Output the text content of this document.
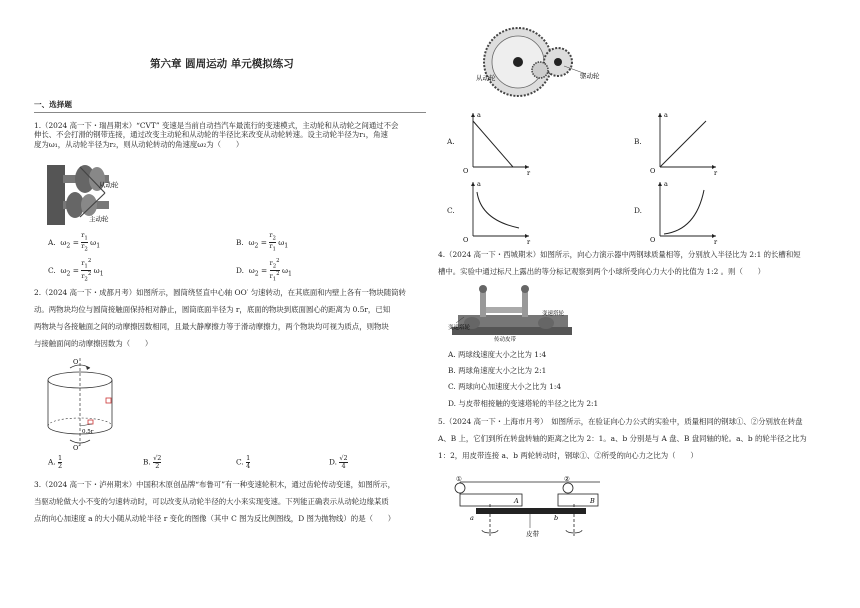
第六章 圆周运动 单元模拟练习
一、选择题
1.（2024 高一下・瑞昌期末）“CVT” 变速是当前自动挡汽车最流行的变速模式，主动轮和从动轮之间通过不会
伸长、不会打滑的钢带连接，通过改变主动轮和从动轮的半径比来改变从动轮转速。设主动轮半径为r₁，角速
度为ω₁，从动轮半径为r₂，则从动轮转动的角速度ω₂为（　　）
从动轮
主动轮
A.  $\omega_2 = \frac{r_1}{r_2} \omega_1$	B.  $\omega_2 = \frac{r_2}{r_1} \omega_1$
C.  $\omega_2 = \frac{r_1^2}{r_2^2} \omega_1$	D.  $\omega_2 = \frac{r_2^2}{r_1^2} \omega_1$
2.（2024 高一下・成都月考）如图所示，圆筒绕竖直中心轴 OO′ 匀速转动，在其底面和内壁上各有一物块随筒转
动。两物块均位与圆筒接触面保持相对静止，圆筒底面半径为 r，底面的物块到底面圆心的距离为 0.5r，已知
两物块与各接触面之间的动摩擦因数相同，且最大静摩擦力等于滑动摩擦力，两个物块均可视为质点，则物块
与接触面间的动摩擦因数为（　　）
O
O′
0.5r
A. $\frac{1}{2}$	B. $\frac{√2}{2}$	C. $\frac{1}{4}$	D. $\frac{√2}{4}$
3.（2024 高一下・泸州期末）中国积木原创品牌“布鲁可”有一种变速轮积木，通过齿轮传动变速，如图所示，
当驱动轮做大小不变的匀速转动时，可以改变从动轮半径的大小来实现变速。下列能正确表示从动轮边缘某质
点的向心加速度 a 的大小随从动轮半径 r 变化的图像（其中 C 图为反比例图线，D 图为抛物线）的是（　　）
从动轮	驱动轮
A.
O
a
r
B.
O
a
r
C.
O
a
r
D.
O
a
r
4.（2024 高一下・西城期末）如图所示，向心力演示器中两钢球质量相等，分别放入半径比为 2:1 的长槽和短
槽中。实验中通过标尺上露出的等分标记观察到两个小球所受向心力大小的比值为 1:2 。则（　　）
变速塔轮
传动皮带
变速塔轮
A. 两球线速度大小之比为 1:4
B. 两球角速度大小之比为 2:1
C. 两球向心加速度大小之比为 1:4
D. 与皮带相接触的变速塔轮的半径之比为 2:1
5.（2024 高一下・上海市月考）　如图所示，在验证向心力公式的实验中，质量相同的钢球①、②分别放在转盘
A、B 上，它们到所在转盘转轴的距离之比为 2：1。a、b 分别是与 A 盘、B 盘同轴的轮。a、b 的轮半径之比为
1：2，用皮带连接 a、b 两轮转动时，钢球①、②所受的向心力之比为（　　）
①	②
A	B
a	b
皮带
